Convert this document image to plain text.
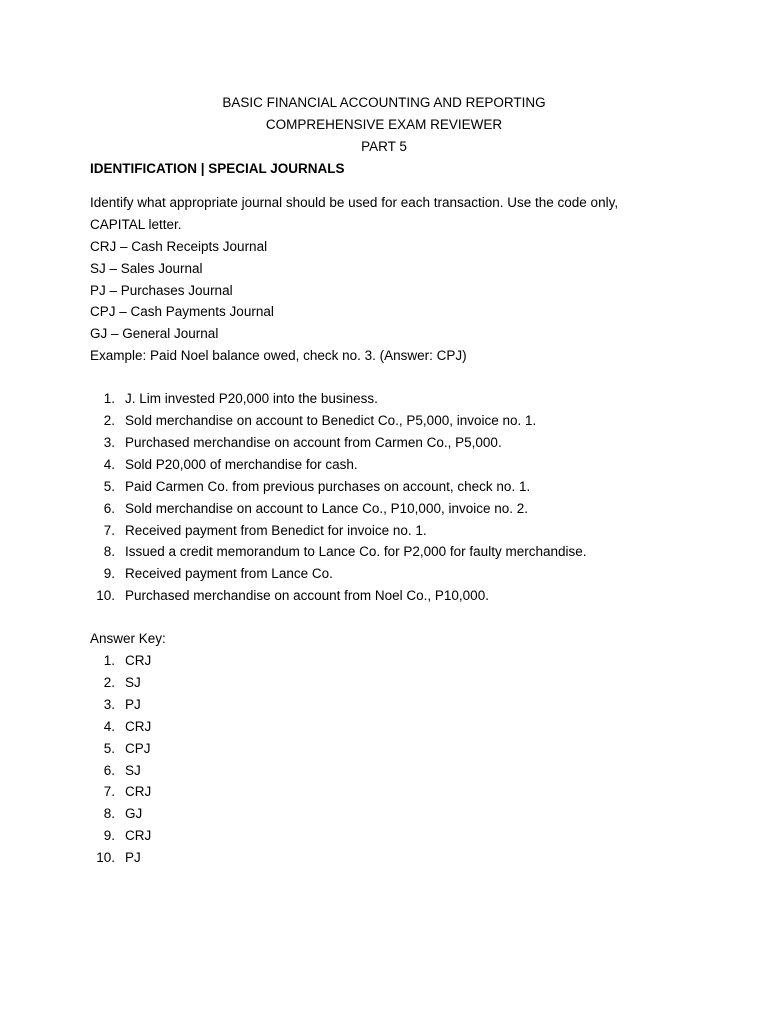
BASIC FINANCIAL ACCOUNTING AND REPORTING
COMPREHENSIVE EXAM REVIEWER
PART 5
IDENTIFICATION | SPECIAL JOURNALS
Identify what appropriate journal should be used for each transaction. Use the code only,
CAPITAL letter.
CRJ – Cash Receipts Journal
SJ – Sales Journal
PJ – Purchases Journal
CPJ – Cash Payments Journal
GJ – General Journal
Example: Paid Noel balance owed, check no. 3. (Answer: CPJ)
1. J. Lim invested P20,000 into the business.
2. Sold merchandise on account to Benedict Co., P5,000, invoice no. 1.
3. Purchased merchandise on account from Carmen Co., P5,000.
4. Sold P20,000 of merchandise for cash.
5. Paid Carmen Co. from previous purchases on account, check no. 1.
6. Sold merchandise on account to Lance Co., P10,000, invoice no. 2.
7. Received payment from Benedict for invoice no. 1.
8. Issued a credit memorandum to Lance Co. for P2,000 for faulty merchandise.
9. Received payment from Lance Co.
10. Purchased merchandise on account from Noel Co., P10,000.
Answer Key:
1. CRJ
2. SJ
3. PJ
4. CRJ
5. CPJ
6. SJ
7. CRJ
8. GJ
9. CRJ
10. PJ
